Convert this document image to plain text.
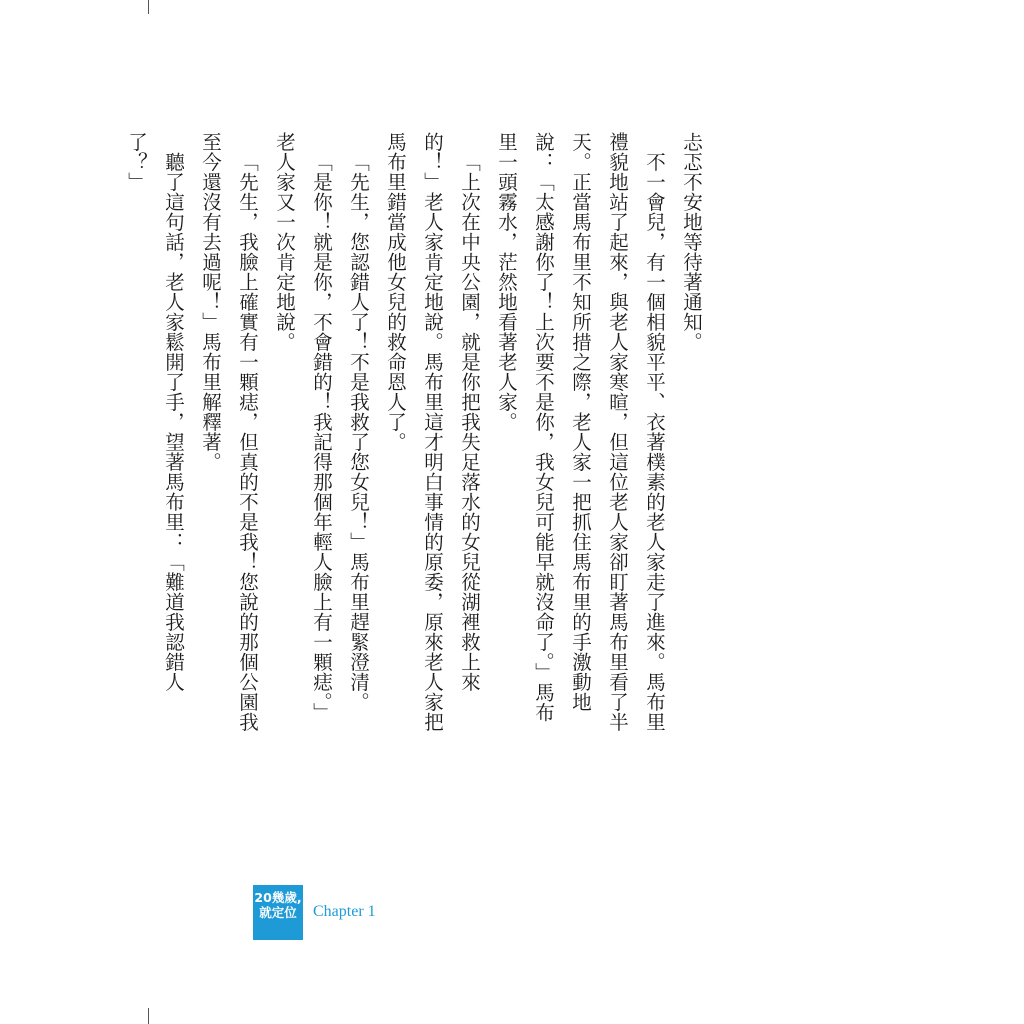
忐忑不安地等待著通知。

不一會兒，有一個相貌平平、衣著樸素的老人家走了進來。馬布里禮貌地站了起來，與老人家寒暄，但這位老人家卻盯著馬布里看了半天。正當馬布里不知所措之際，老人家一把抓住馬布里的手激動地說：「太感謝你了！上次要不是你，我女兒可能早就沒命了。」馬布里一頭霧水，茫然地看著老人家。

「上次在中央公園，就是你把我失足落水的女兒從湖裡救上來的！」老人家肯定地說。馬布里這才明白事情的原委，原來老人家把馬布里錯當成他女兒的救命恩人了。

「先生，您認錯人了！不是我救了您女兒！」馬布里趕緊澄清。

「是你！就是你，不會錯的！我記得那個年輕人臉上有一顆痣。」老人家又一次肯定地說。

「先生，我臉上確實有一顆痣，但真的不是我！您說的那個公園我至今還沒有去過呢！」馬布里解釋著。

聽了這句話，老人家鬆開了手，望著馬布里：「難道我認錯人了？」

20幾歲,
就定位	Chapter 1
